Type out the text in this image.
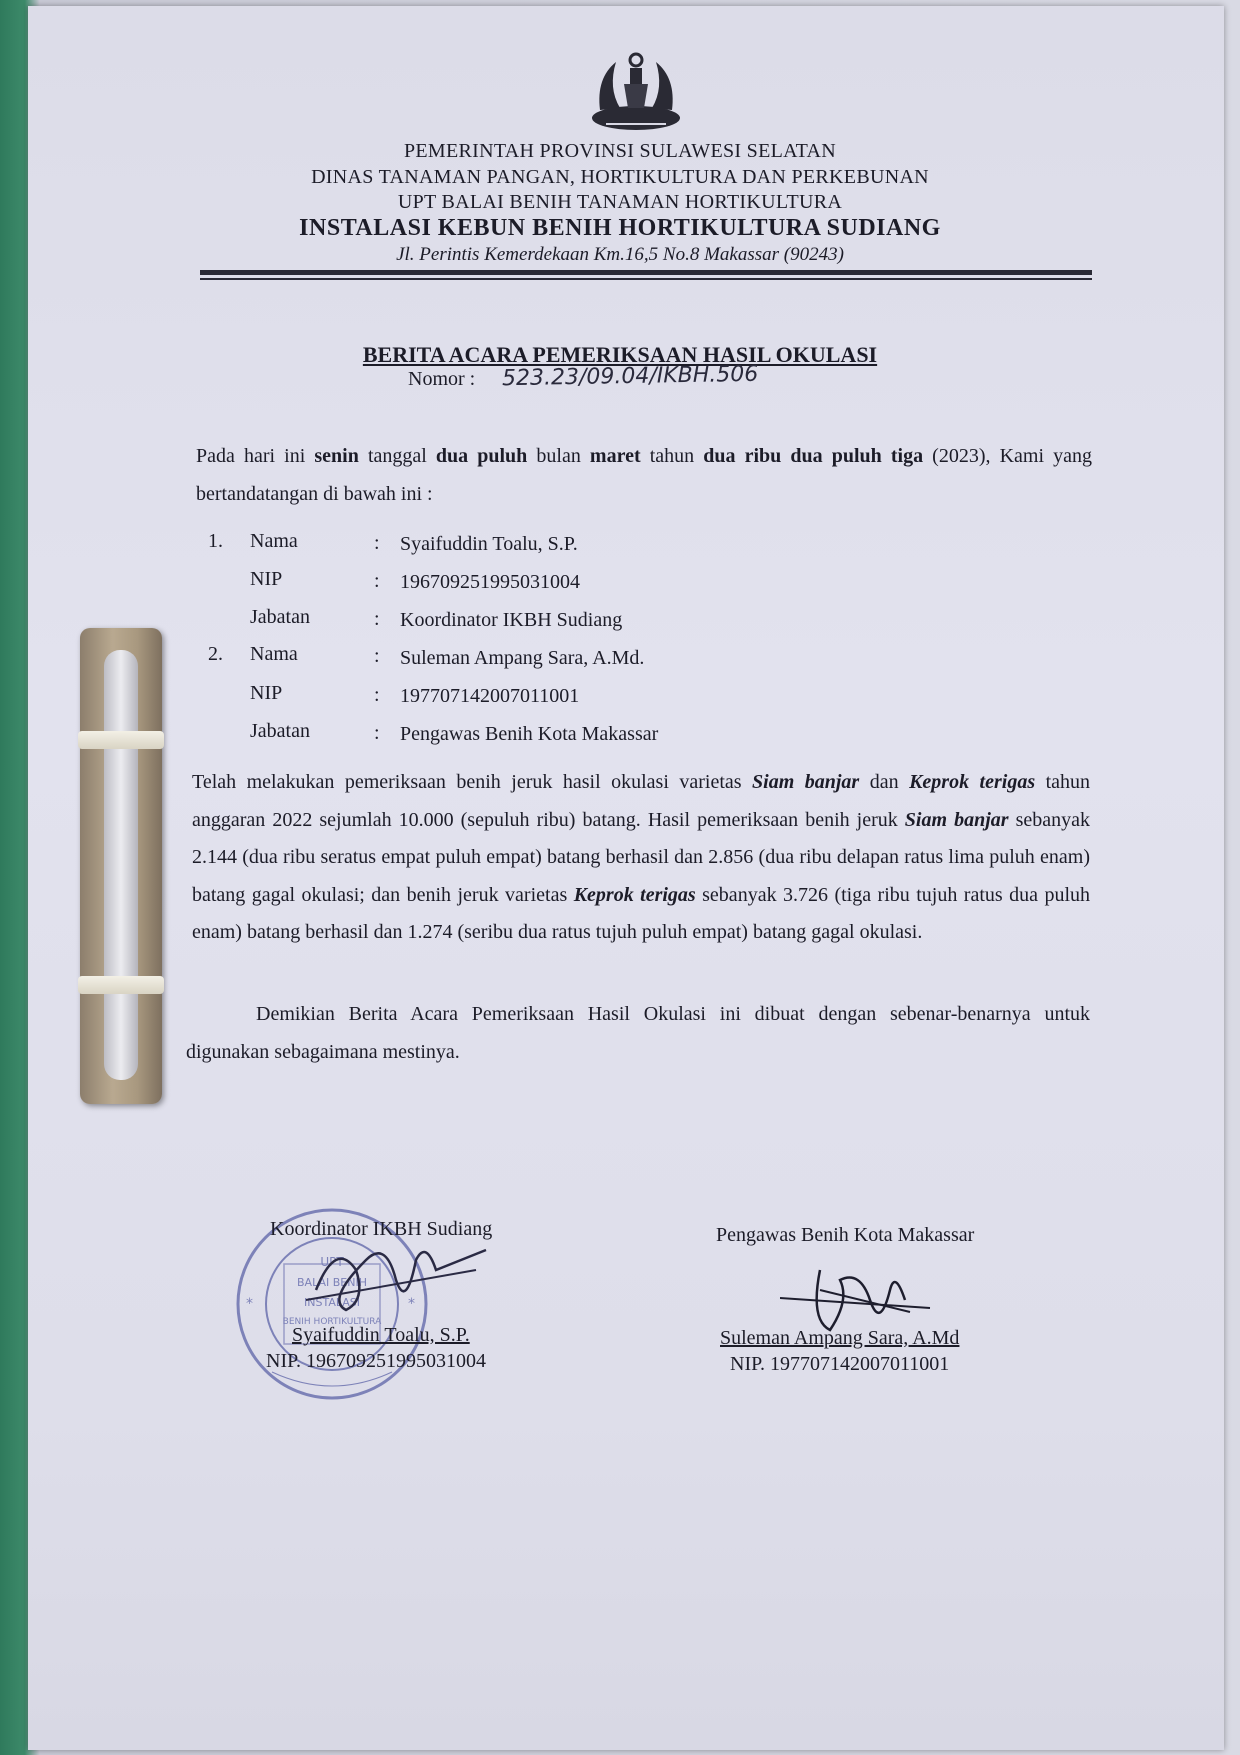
PEMERINTAH PROVINSI SULAWESI SELATAN
DINAS TANAMAN PANGAN, HORTIKULTURA DAN PERKEBUNAN
UPT BALAI BENIH TANAMAN HORTIKULTURA
INSTALASI KEBUN BENIH HORTIKULTURA SUDIANG
Jl. Perintis Kemerdekaan Km.16,5 No.8 Makassar (90243)
BERITA ACARA PEMERIKSAAN HASIL OKULASI
Nomor : 523.23/09.04/IKBH.506
Pada hari ini senin tanggal dua puluh bulan maret tahun dua ribu dua puluh tiga (2023), Kami yang bertandatangan di bawah ini :
1. Nama	: Syaifuddin Toalu, S.P.
NIP	: 196709251995031004
Jabatan	: Koordinator IKBH Sudiang
2. Nama	: Suleman Ampang Sara, A.Md.
NIP	: 197707142007011001
Jabatan	: Pengawas Benih Kota Makassar
Telah melakukan pemeriksaan benih jeruk hasil okulasi varietas Siam banjar dan Keprok terigas tahun anggaran 2022 sejumlah 10.000 (sepuluh ribu) batang. Hasil pemeriksaan benih jeruk Siam banjar sebanyak 2.144 (dua ribu seratus empat puluh empat) batang berhasil dan 2.856 (dua ribu delapan ratus lima puluh enam) batang gagal okulasi; dan benih jeruk varietas Keprok terigas sebanyak 3.726 (tiga ribu tujuh ratus dua puluh enam) batang berhasil dan 1.274 (seribu dua ratus tujuh puluh empat) batang gagal okulasi.
Demikian Berita Acara Pemeriksaan Hasil Okulasi ini dibuat dengan sebenar-benarnya untuk digunakan sebagaimana mestinya.
UPT
BALAI BENIH
INSTALASI
BENIH HORTIKULTURA
*	*
Koordinator IKBH Sudiang
Syaifuddin Toalu, S.P.
NIP. 196709251995031004
Pengawas Benih Kota Makassar
Suleman Ampang Sara, A.Md
NIP. 197707142007011001
